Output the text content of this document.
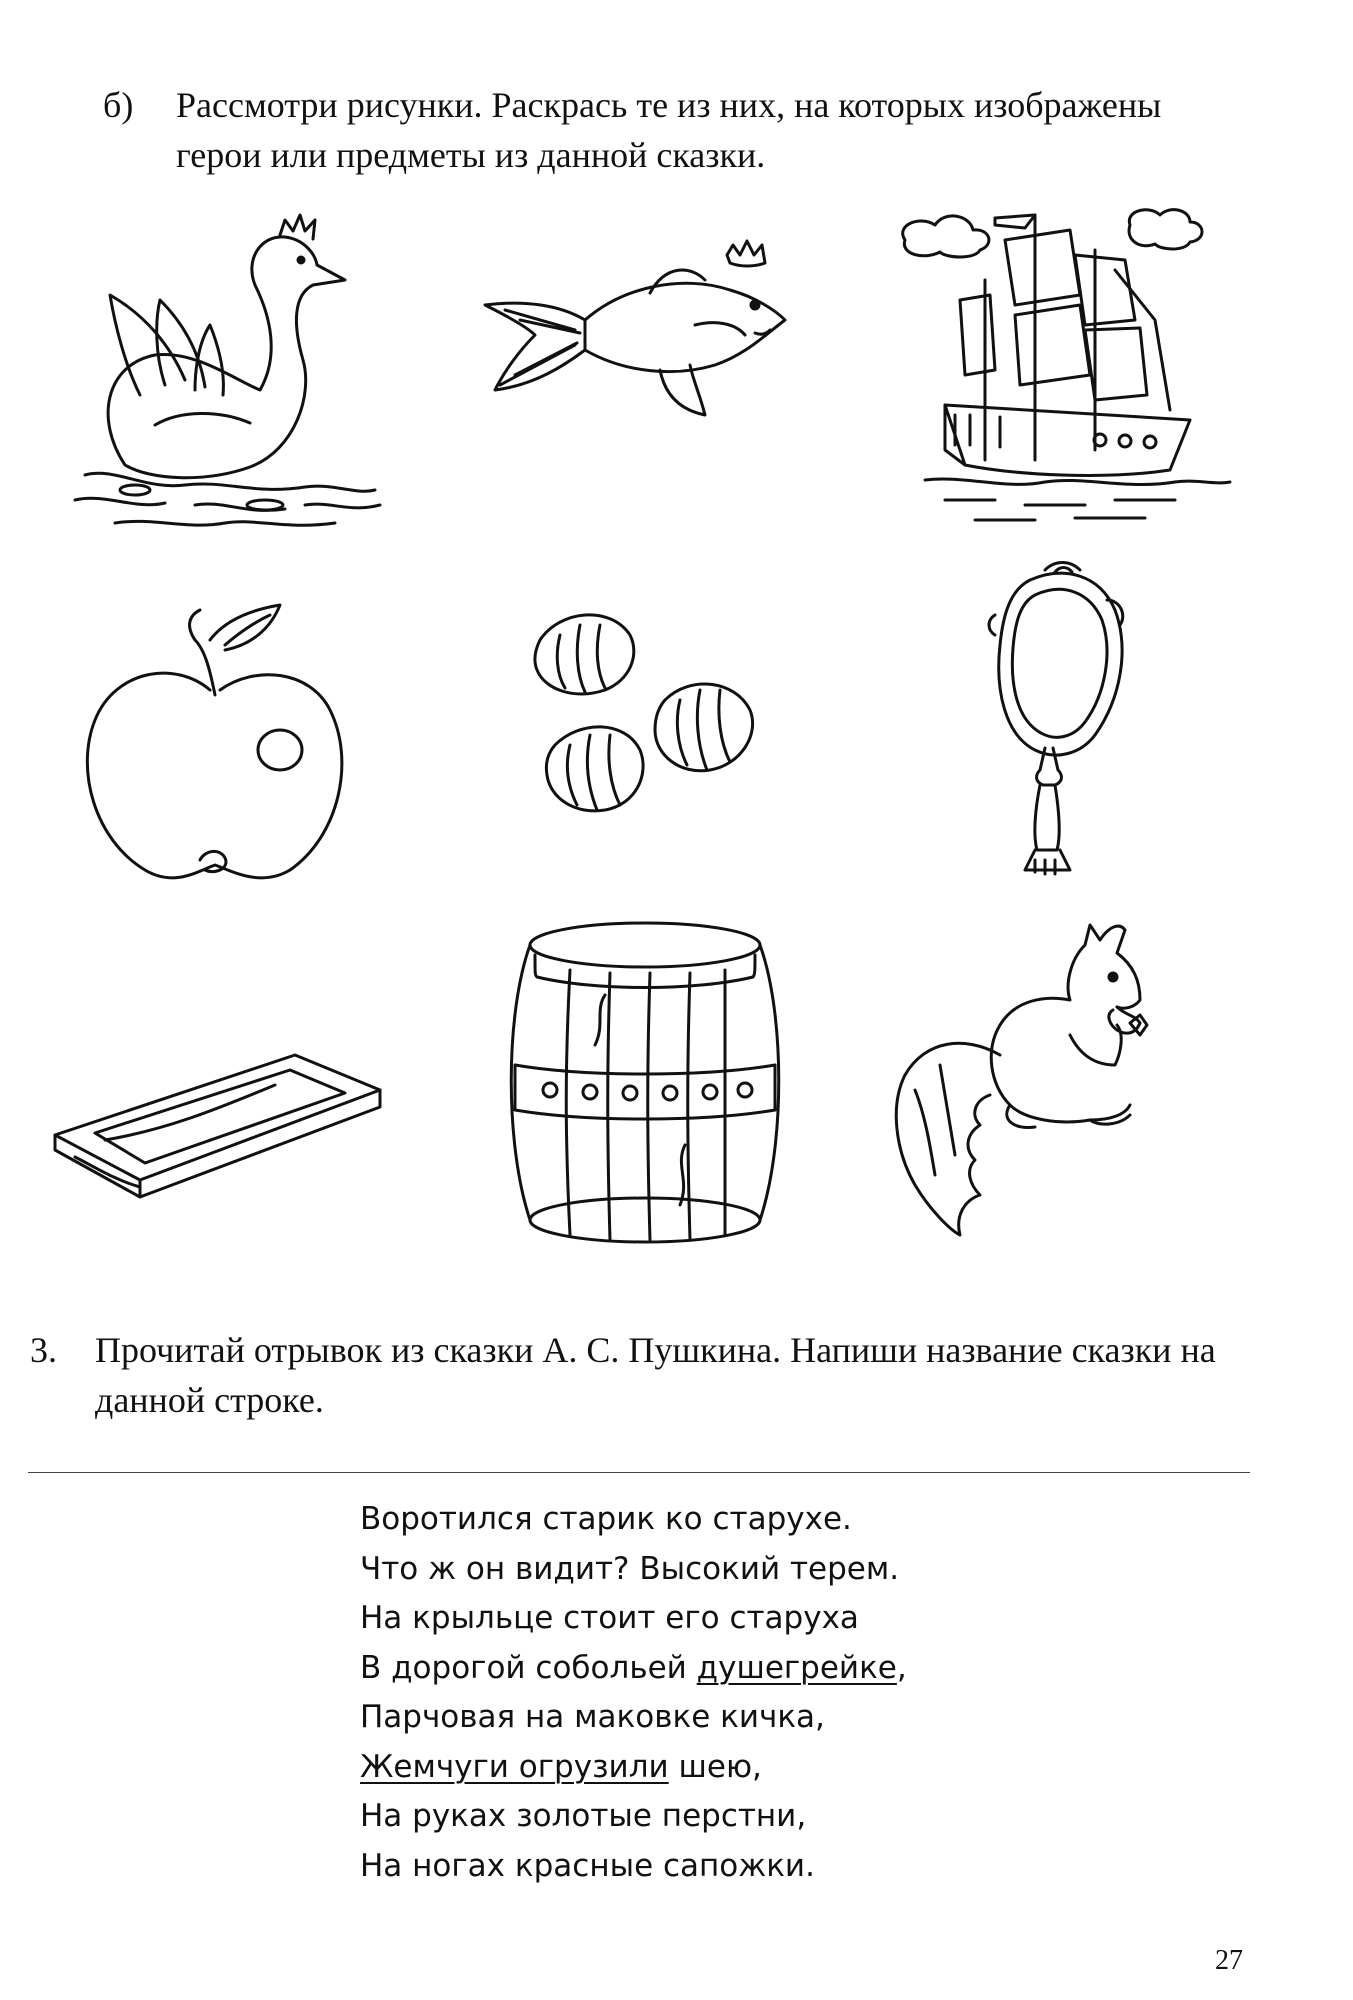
б) Рассмотри рисунки. Раскрась те из них, на которых изображены герои или предметы из данной сказки.
3. Прочитай отрывок из сказки А. С. Пушкина. Напиши название сказки на данной строке.
Воротился старик ко старухе.
Что ж он видит? Высокий терем.
На крыльце стоит его старуха
В дорогой собольей душегрейке,
Парчовая на маковке кичка,
Жемчуги огрузили шею,
На руках золотые перстни,
На ногах красные сапожки.
27
